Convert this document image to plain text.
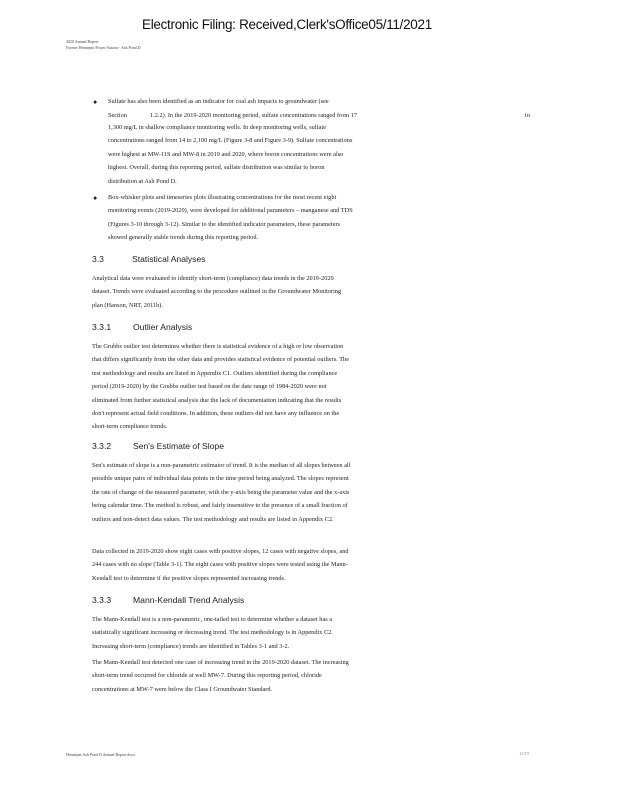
Electronic Filing: Received,Clerk'sOffice05/11/2021
2020 Annual Report
Former Hennepin Power Station - Ash Pond D
● Sulfate has also been identified as an indicator for coal ash impacts to groundwater (see
Section	1.2.2). In the 2019-2020 monitoring period, sulfate concentrations ranged from 17	to
1,300 mg/L in shallow compliance monitoring wells. In deep monitoring wells, sulfate concentrations ranged from 14 to 2,100 mg/L (Figure 3-8 and Figure 3-9). Sulfate concentrations were highest at MW-11S and MW-8 in 2019 and 2020, where boron concentrations were also highest. Overall, during this reporting period, sulfate distribution was similar to boron distribution at Ash Pond D.
● Box-whisker plots and timeseries plots illustrating concentrations for the most recent eight monitoring events (2019-2020), were developed for additional parameters – manganese and TDS (Figures 3-10 through 3-12). Similar to the identified indicator parameters, these parameters showed generally stable trends during this reporting period.
3.3	Statistical Analyses
Analytical data were evaluated to identify short-term (compliance) data trends in the 2019-2020 dataset. Trends were evaluated according to the procedure outlined in the Groundwater Monitoring plan (Hanson, NRT, 2011b).
3.3.1	Outlier Analysis
The Grubbs outlier test determines whether there is statistical evidence of a high or low observation that differs significantly from the other data and provides statistical evidence of potential outliers. The test methodology and results are listed in Appendix C1. Outliers identified during the compliance period (2019-2020) by the Grubbs outlier test based on the date range of 1984-2020 were not eliminated from further statistical analysis due the lack of documentation indicating that the results don't represent actual field conditions. In addition, these outliers did not have any influence on the short-term compliance trends.
3.3.2	Sen's Estimate of Slope
Sen's estimate of slope is a non-parametric estimator of trend. It is the median of all slopes between all possible unique pairs of individual data points in the time period being analyzed. The slopes represent the rate of change of the measured parameter, with the y-axis being the parameter value and the x-axis being calendar time. The method is robust, and fairly insensitive to the presence of a small fraction of outliers and non-detect data values. The test methodology and results are listed in Appendix C2.
Data collected in 2019-2020 show eight cases with positive slopes, 12 cases with negative slopes, and 244 cases with no slope (Table 3-1). The eight cases with positive slopes were tested using the Mann-Kendall test to determine if the positive slopes represented increasing trends.
3.3.3	Mann-Kendall Trend Analysis
The Mann-Kendall test is a non-parametric, one-tailed test to determine whether a dataset has a statistically significant increasing or decreasing trend. The test methodology is in Appendix C2. Increasing short-term (compliance) trends are identified in Tables 3-1 and 3-2.
The Mann-Kendall test detected one case of increasing trend in the 2019-2020 dataset. The increasing short-term trend occurred for chloride at well MW-7. During this reporting period, chloride concentrations at MW-7 were below the Class I Groundwater Standard.
Hennepin Ash Pond D Annual Report.docx	11/15
